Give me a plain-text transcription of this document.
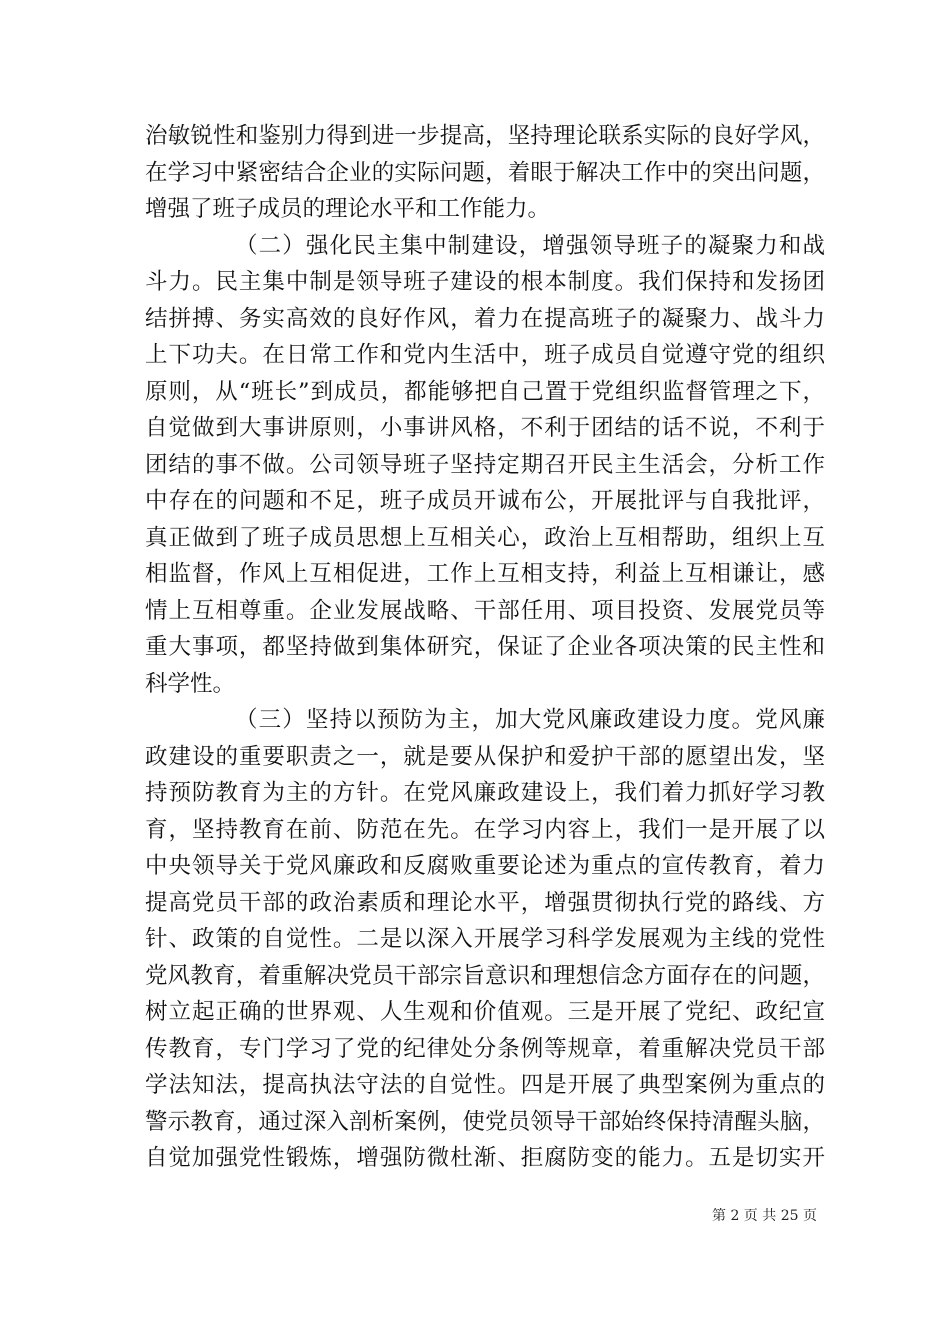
治敏锐性和鉴别力得到进一步提高，坚持理论联系实际的良好学风，
在学习中紧密结合企业的实际问题，着眼于解决工作中的突出问题，
增强了班子成员的理论水平和工作能力。
（二）强化民主集中制建设，增强领导班子的凝聚力和战
斗力。民主集中制是领导班子建设的根本制度。我们保持和发扬团
结拼搏、务实高效的良好作风，着力在提高班子的凝聚力、战斗力
上下功夫。在日常工作和党内生活中，班子成员自觉遵守党的组织
原则，从“班长”到成员，都能够把自己置于党组织监督管理之下，
自觉做到大事讲原则，小事讲风格，不利于团结的话不说，不利于
团结的事不做。公司领导班子坚持定期召开民主生活会，分析工作
中存在的问题和不足，班子成员开诚布公，开展批评与自我批评，
真正做到了班子成员思想上互相关心，政治上互相帮助，组织上互
相监督，作风上互相促进，工作上互相支持，利益上互相谦让，感
情上互相尊重。企业发展战略、干部任用、项目投资、发展党员等
重大事项，都坚持做到集体研究，保证了企业各项决策的民主性和
科学性。
（三）坚持以预防为主，加大党风廉政建设力度。党风廉
政建设的重要职责之一，就是要从保护和爱护干部的愿望出发，坚
持预防教育为主的方针。在党风廉政建设上，我们着力抓好学习教
育，坚持教育在前、防范在先。在学习内容上，我们一是开展了以
中央领导关于党风廉政和反腐败重要论述为重点的宣传教育，着力
提高党员干部的政治素质和理论水平，增强贯彻执行党的路线、方
针、政策的自觉性。二是以深入开展学习科学发展观为主线的党性
党风教育，着重解决党员干部宗旨意识和理想信念方面存在的问题，
树立起正确的世界观、人生观和价值观。三是开展了党纪、政纪宣
传教育，专门学习了党的纪律处分条例等规章，着重解决党员干部
学法知法，提高执法守法的自觉性。四是开展了典型案例为重点的
警示教育，通过深入剖析案例，使党员领导干部始终保持清醒头脑，
自觉加强党性锻炼，增强防微杜渐、拒腐防变的能力。五是切实开
第 2 页 共 25 页
